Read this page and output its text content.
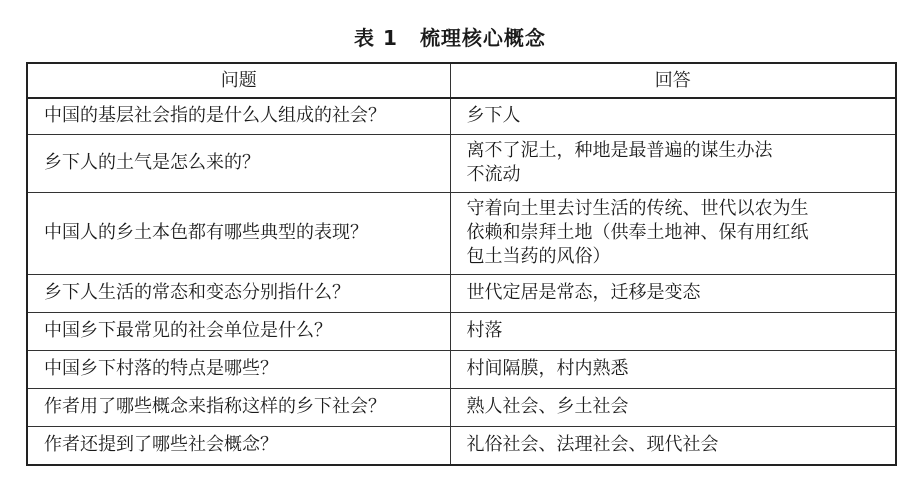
表 1 梳理核心概念
问题	回答
中国的基层社会指的是什么人组成的社会？	乡下人

乡下人的土气是怎么来的？	离不了泥土，种地是最普遍的谋生办法
不流动

中国人的乡土本色都有哪些典型的表现？	守着向土里去讨生活的传统、世代以农为生
依赖和崇拜土地（供奉土地神、保有用红纸
包土当药的风俗）

乡下人生活的常态和变态分别指什么？	世代定居是常态，迁移是变态

中国乡下最常见的社会单位是什么？	村落

中国乡下村落的特点是哪些？	村间隔膜，村内熟悉

作者用了哪些概念来指称这样的乡下社会？	熟人社会、乡土社会

作者还提到了哪些社会概念？	礼俗社会、法理社会、现代社会
